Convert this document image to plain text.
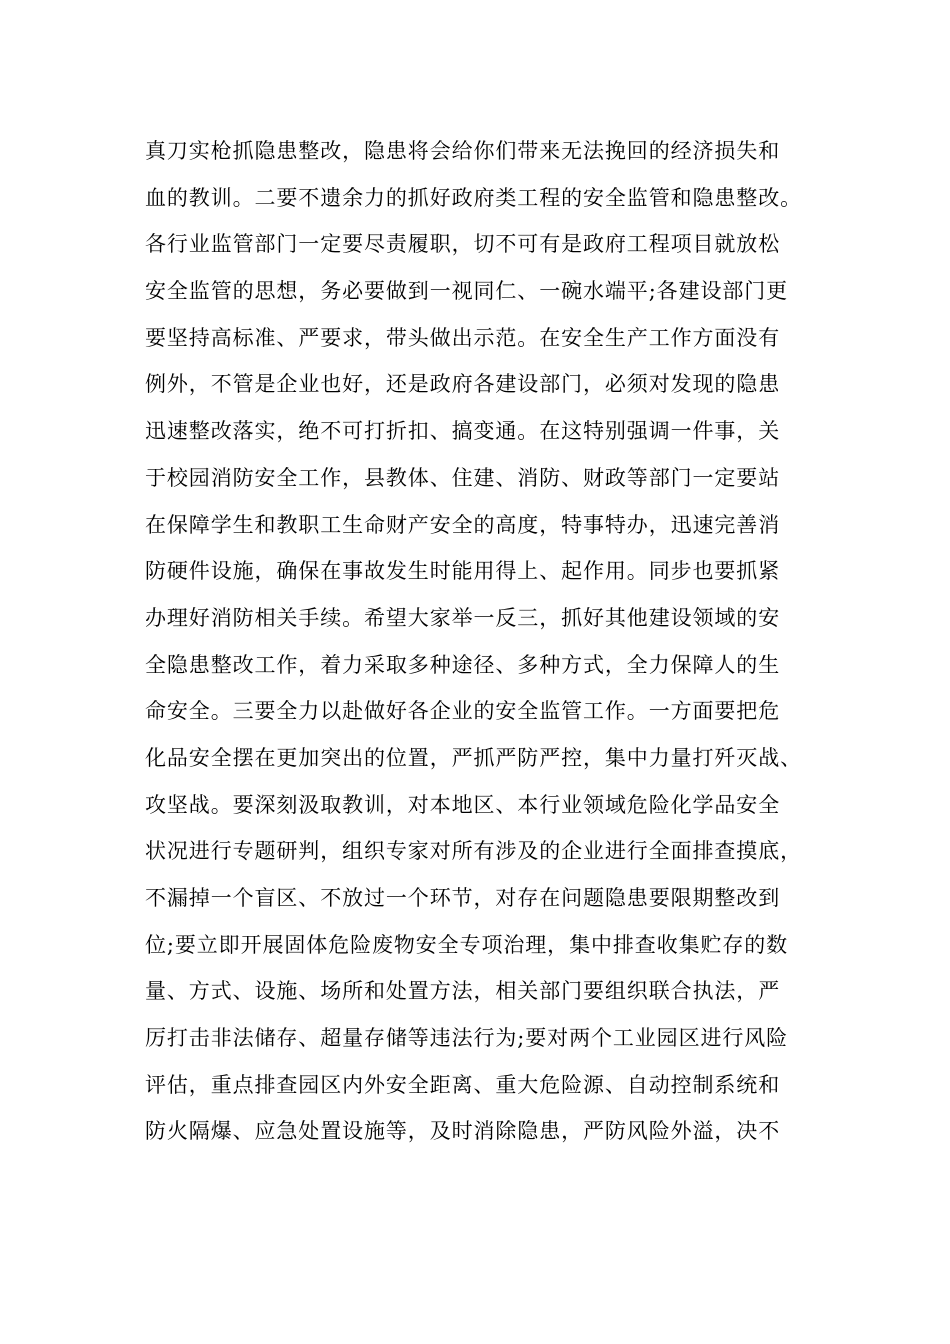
真刀实枪抓隐患整改，隐患将会给你们带来无法挽回的经济损失和
血的教训。二要不遗余力的抓好政府类工程的安全监管和隐患整改。
各行业监管部门一定要尽责履职，切不可有是政府工程项目就放松
安全监管的思想，务必要做到一视同仁、一碗水端平;各建设部门更
要坚持高标准、严要求，带头做出示范。在安全生产工作方面没有
例外，不管是企业也好，还是政府各建设部门，必须对发现的隐患
迅速整改落实，绝不可打折扣、搞变通。在这特别强调一件事，关
于校园消防安全工作，县教体、住建、消防、财政等部门一定要站
在保障学生和教职工生命财产安全的高度，特事特办，迅速完善消
防硬件设施，确保在事故发生时能用得上、起作用。同步也要抓紧
办理好消防相关手续。希望大家举一反三，抓好其他建设领域的安
全隐患整改工作，着力采取多种途径、多种方式，全力保障人的生
命安全。三要全力以赴做好各企业的安全监管工作。一方面要把危
化品安全摆在更加突出的位置，严抓严防严控，集中力量打歼灭战、
攻坚战。要深刻汲取教训，对本地区、本行业领域危险化学品安全
状况进行专题研判，组织专家对所有涉及的企业进行全面排查摸底，
不漏掉一个盲区、不放过一个环节，对存在问题隐患要限期整改到
位;要立即开展固体危险废物安全专项治理，集中排查收集贮存的数
量、方式、设施、场所和处置方法，相关部门要组织联合执法，严
厉打击非法储存、超量存储等违法行为;要对两个工业园区进行风险
评估，重点排查园区内外安全距离、重大危险源、自动控制系统和
防火隔爆、应急处置设施等，及时消除隐患，严防风险外溢，决不
